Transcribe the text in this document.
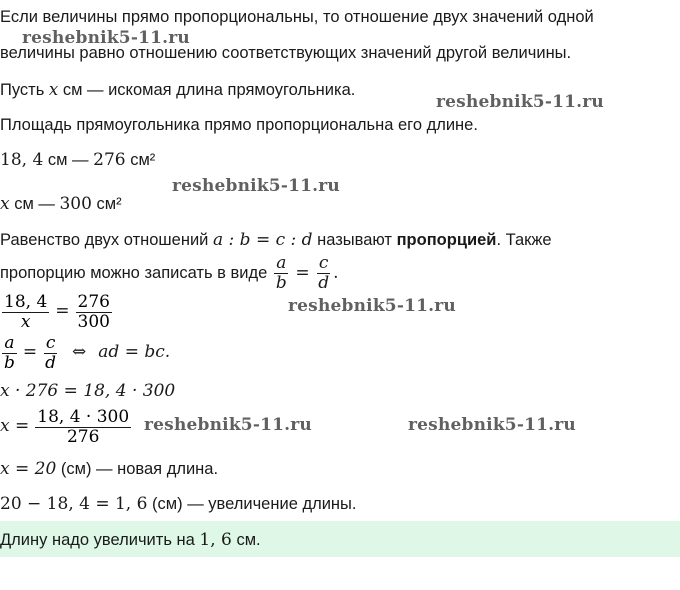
Если величины прямо пропорциональны, то отношение двух значений одной
величины равно отношению соответствующих значений другой величины.
Пусть x см — искомая длина прямоугольника.
Площадь прямоугольника прямо пропорциональна его длине.
18, 4 см — 276 см²
x см — 300 см²
Равенство двух отношений a : b = c : d называют пропорцией. Также
пропорцию можно записать в виде $\frac{a}{b} = \frac{c}{d}$ .
$\frac{18, 4}{x} = \frac{276}{300}$
$\frac{a}{b} = \frac{c}{d}$ ⇔ ad = bc.
x · 276 = 18, 4 · 300
$x = \frac{18, 4 \cdot 300}{276}$
x = 20 (см) — новая длина.
20 − 18, 4 = 1, 6 (см) — увеличение длины.
Длину надо увеличить на 1, 6 см.
reshebnik5-11.ru
reshebnik5-11.ru
reshebnik5-11.ru
reshebnik5-11.ru
reshebnik5-11.ru	reshebnik5-11.ru
